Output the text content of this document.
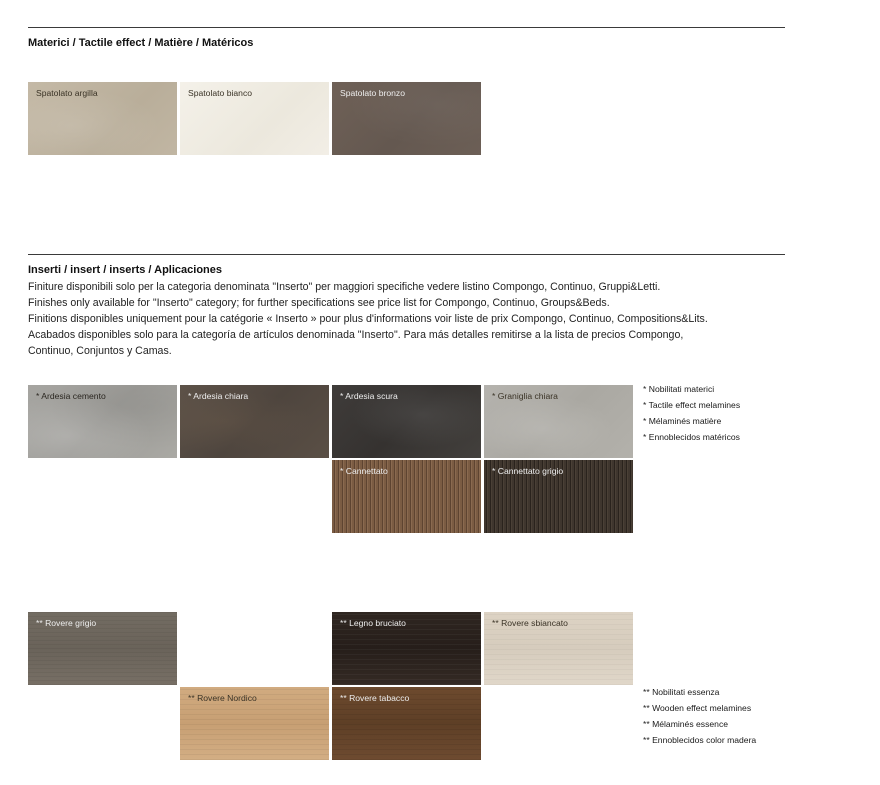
Materici / Tactile effect / Matière / Matéricos
Spatolato argilla	Spatolato bianco	Spatolato bronzo
Inserti / insert / inserts / Aplicaciones
Finiture disponibili solo per la categoria denominata "Inserto" per maggiori specifiche vedere listino Compongo, Continuo, Gruppi&Letti.
Finishes only available for "Inserto" category; for further specifications see price list for Compongo, Continuo, Groups&Beds.
Finitions disponibles uniquement pour la catégorie « Inserto » pour plus d'informations voir liste de prix Compongo, Continuo, Compositions&Lits.
Acabados disponibles solo para la categoría de artículos denominada "Inserto". Para más detalles remitirse a la lista de precios Compongo,
Continuo, Conjuntos y Camas.
* Ardesia cemento	* Ardesia chiara	* Ardesia scura	* Graniglia chiara
* Cannettato	* Cannettato grigio
* Nobilitati materici
* Tactile effect melamines
* Mélaminés matière
* Ennoblecidos matéricos
** Rovere grigio	** Legno bruciato	** Rovere sbiancato
** Rovere Nordico	** Rovere tabacco
** Nobilitati essenza
** Wooden effect melamines
** Mélaminés essence
** Ennoblecidos color madera
